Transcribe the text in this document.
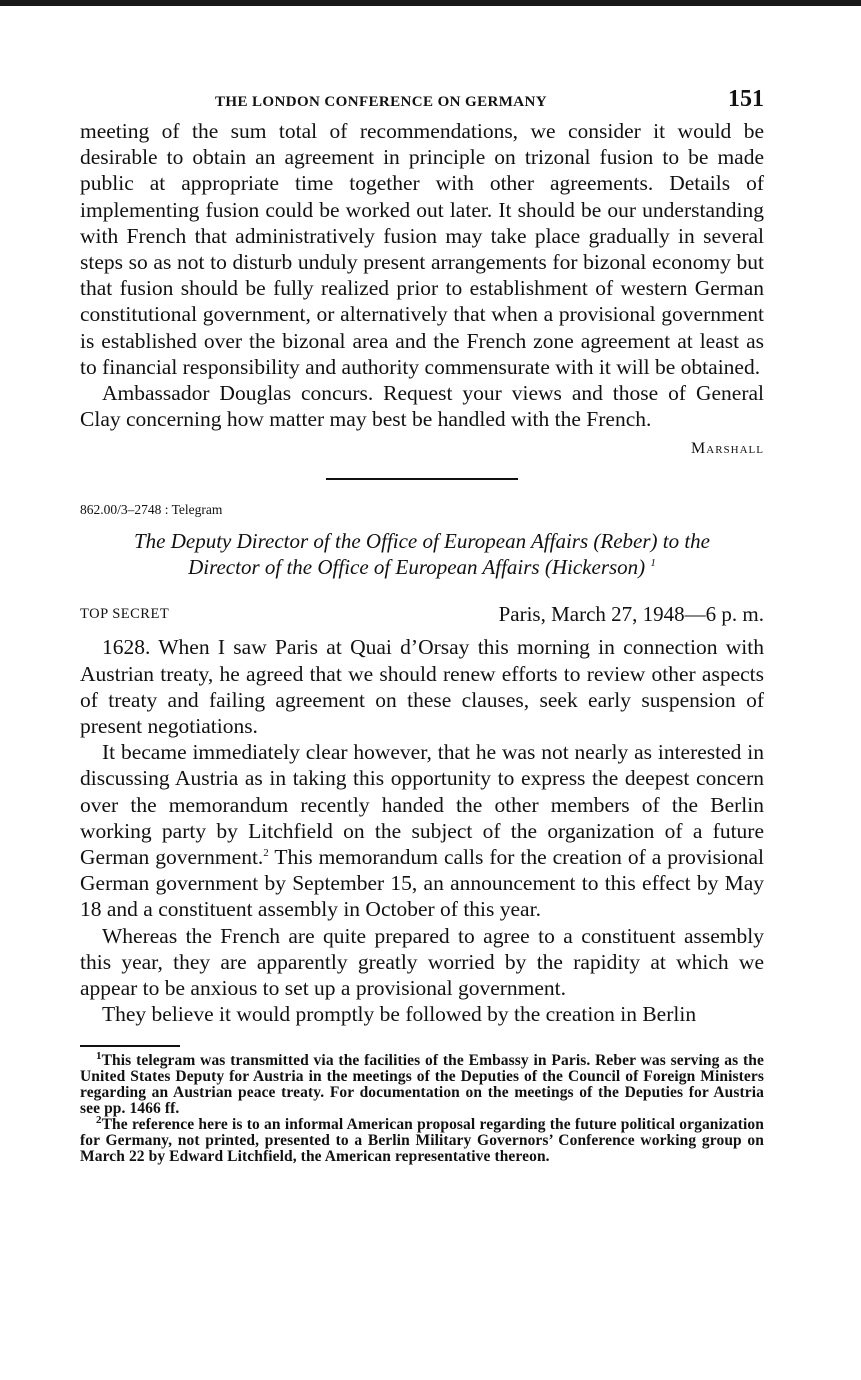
THE LONDON CONFERENCE ON GERMANY	151

meeting of the sum total of recommendations, we consider it would be desirable to obtain an agreement in principle on trizonal fusion to be made public at appropriate time together with other agreements. Details of implementing fusion could be worked out later. It should be our understanding with French that administratively fusion may take place gradually in several steps so as not to disturb unduly present arrangements for bizonal economy but that fusion should be fully realized prior to establishment of western German constitutional government, or alternatively that when a provisional government is established over the bizonal area and the French zone agreement at least as to financial responsibility and authority commensurate with it will be obtained.

Ambassador Douglas concurs. Request your views and those of General Clay concerning how matter may best be handled with the French.

Marshall
862.00/3–2748 : Telegram
The Deputy Director of the Office of European Affairs (Reber) to the
Director of the Office of European Affairs (Hickerson) $^1$
TOP SECRET	Paris, March 27, 1948—6 p. m.

1628. When I saw Paris at Quai d’Orsay this morning in connection with Austrian treaty, he agreed that we should renew efforts to review other aspects of treaty and failing agreement on these clauses, seek early suspension of present negotiations.

It became immediately clear however, that he was not nearly as interested in discussing Austria as in taking this opportunity to express the deepest concern over the memorandum recently handed the other members of the Berlin working party by Litchfield on the subject of the organization of a future German government.$^2$ This memorandum calls for the creation of a provisional German government by September 15, an announcement to this effect by May 18 and a constituent assembly in October of this year.

Whereas the French are quite prepared to agree to a constituent assembly this year, they are apparently greatly worried by the rapidity at which we appear to be anxious to set up a provisional government.

They believe it would promptly be followed by the creation in Berlin

$^1$This telegram was transmitted via the facilities of the Embassy in Paris. Reber was serving as the United States Deputy for Austria in the meetings of the Deputies of the Council of Foreign Ministers regarding an Austrian peace treaty. For documentation on the meetings of the Deputies for Austria see pp. 1466 ff.
$^2$The reference here is to an informal American proposal regarding the future political organization for Germany, not printed, presented to a Berlin Military Governors’ Conference working group on March 22 by Edward Litchfield, the American representative thereon.
